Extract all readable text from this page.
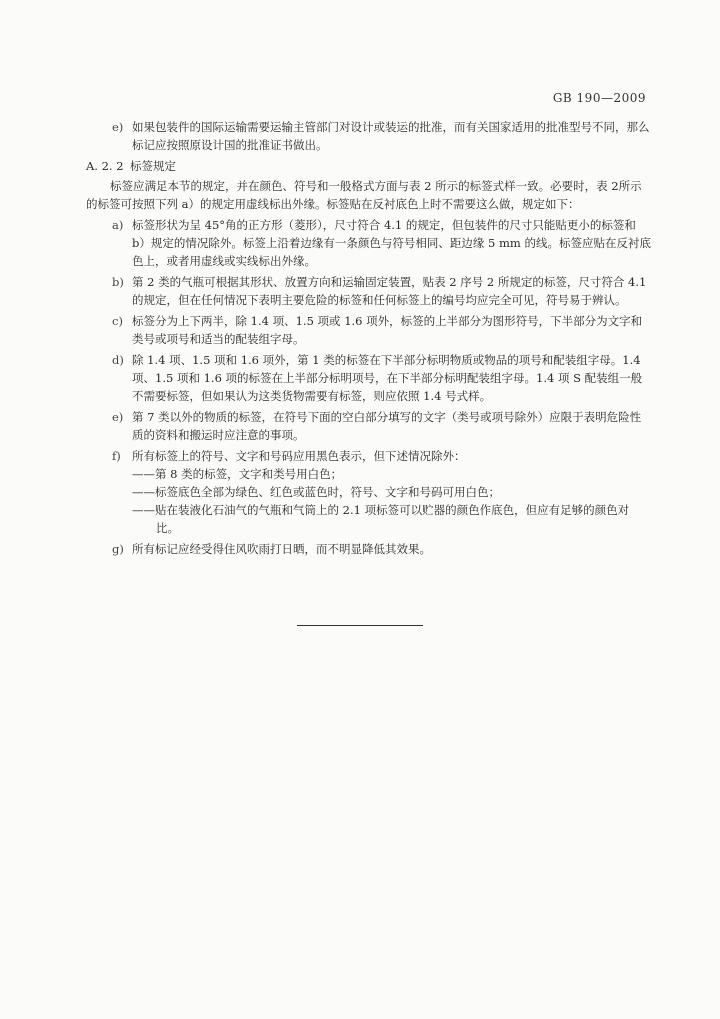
GB 190—2009
e) 如果包装件的国际运输需要运输主管部门对设计或装运的批准，而有关国家适用的批准型号不同，那么标记应按照原设计国的批准证书做出。
A. 2. 2 标签规定
标签应满足本节的规定，并在颜色、符号和一般格式方面与表 2 所示的标签式样一致。必要时，表 2所示的标签可按照下列 a）的规定用虚线标出外缘。标签贴在反衬底色上时不需要这么做，规定如下：
a) 标签形状为呈 45°角的正方形（菱形），尺寸符合 4.1 的规定，但包装件的尺寸只能贴更小的标签和 b）规定的情况除外。标签上沿着边缘有一条颜色与符号相同、距边缘 5 mm 的线。标签应贴在反衬底色上，或者用虚线或实线标出外缘。
b) 第 2 类的气瓶可根据其形状、放置方向和运输固定装置，贴表 2 序号 2 所规定的标签，尺寸符合 4.1 的规定，但在任何情况下表明主要危险的标签和任何标签上的编号均应完全可见，符号易于辨认。
c) 标签分为上下两半，除 1.4 项、1.5 项或 1.6 项外，标签的上半部分为图形符号，下半部分为文字和类号或项号和适当的配装组字母。
d) 除 1.4 项、1.5 项和 1.6 项外，第 1 类的标签在下半部分标明物质或物品的项号和配装组字母。1.4 项、1.5 项和 1.6 项的标签在上半部分标明项号，在下半部分标明配装组字母。1.4 项 S 配装组一般不需要标签，但如果认为这类货物需要有标签，则应依照 1.4 号式样。
e) 第 7 类以外的物质的标签，在符号下面的空白部分填写的文字（类号或项号除外）应限于表明危险性质的资料和搬运时应注意的事项。
f) 所有标签上的符号、文字和号码应用黑色表示，但下述情况除外：
——第 8 类的标签，文字和类号用白色；
——标签底色全部为绿色、红色或蓝色时，符号、文字和号码可用白色；
——贴在装液化石油气的气瓶和气筒上的 2.1 项标签可以贮器的颜色作底色，但应有足够的颜色对比。
g) 所有标记应经受得住风吹雨打日晒，而不明显降低其效果。
